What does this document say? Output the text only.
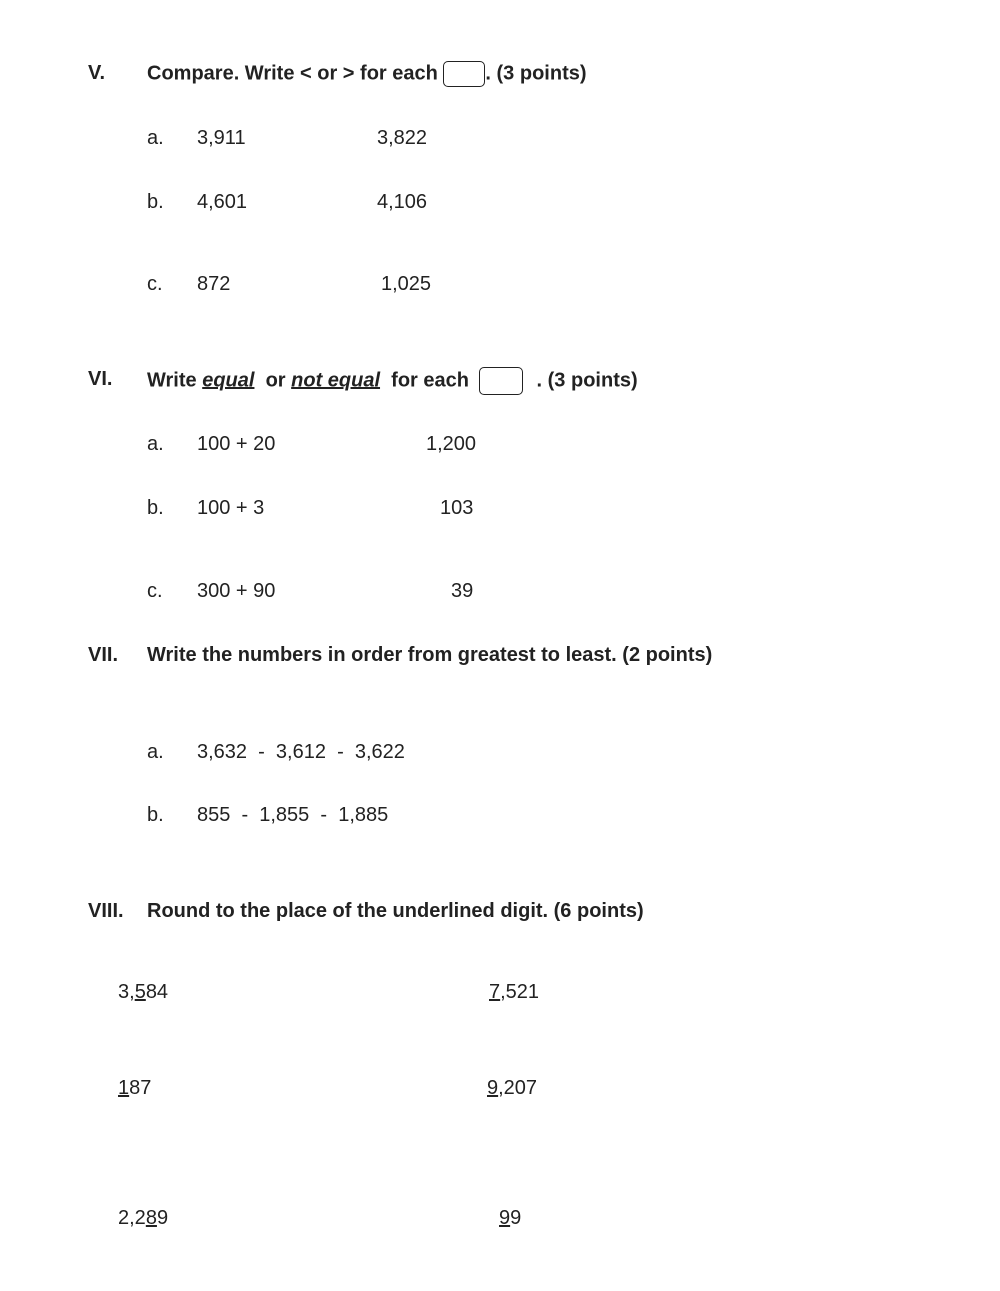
V. Compare. Write < or > for each . (3 points)
a. 3,911	3,822
b. 4,601	4,106
c. 872	1,025
VI. Write equal or not equal for each	. (3 points)
a. 100 + 20	1,200
b. 100 + 3	103
c. 300 + 90	39
VII. Write the numbers in order from greatest to least. (2 points)
a. 3,632  -  3,612  -  3,622
b. 855  -  1,855  -  1,885
VIII. Round to the place of the underlined digit. (6 points)
3,584	7,521
187	9,207
2,289	99
